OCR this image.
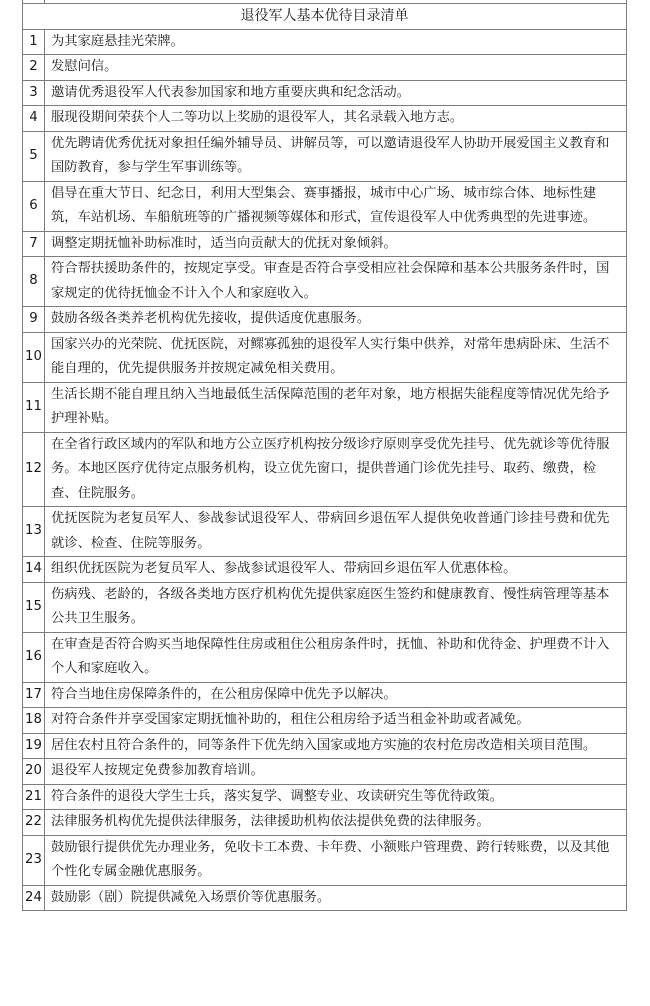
退役军人基本优待目录清单	
1	为其家庭悬挂光荣牌。
2	发慰问信。
3	邀请优秀退役军人代表参加国家和地方重要庆典和纪念活动。
4	服现役期间荣获个人二等功以上奖励的退役军人，其名录载入地方志。
5	优先聘请优秀优抚对象担任编外辅导员、讲解员等，可以邀请退役军人协助开展爱国主义教育和国防教育，参与学生军事训练等。
6	倡导在重大节日、纪念日，利用大型集会、赛事播报，城市中心广场、城市综合体、地标性建筑，车站机场、车船航班等的广播视频等媒体和形式，宣传退役军人中优秀典型的先进事迹。
7	调整定期抚恤补助标准时，适当向贡献大的优抚对象倾斜。
8	符合帮扶援助条件的，按规定享受。审查是否符合享受相应社会保障和基本公共服务条件时，国家规定的优待抚恤金不计入个人和家庭收入。
9	鼓励各级各类养老机构优先接收，提供适度优惠服务。
10	国家兴办的光荣院、优抚医院，对鳏寡孤独的退役军人实行集中供养，对常年患病卧床、生活不能自理的，优先提供服务并按规定减免相关费用。
11	生活长期不能自理且纳入当地最低生活保障范围的老年对象，地方根据失能程度等情况优先给予护理补贴。
12	在全省行政区域内的军队和地方公立医疗机构按分级诊疗原则享受优先挂号、优先就诊等优待服务。本地区医疗优待定点服务机构，设立优先窗口，提供普通门诊优先挂号、取药、缴费，检查、住院服务。
13	优抚医院为老复员军人、参战参试退役军人、带病回乡退伍军人提供免收普通门诊挂号费和优先就诊、检查、住院等服务。
14	组织优抚医院为老复员军人、参战参试退役军人、带病回乡退伍军人优惠体检。
15	伤病残、老龄的，各级各类地方医疗机构优先提供家庭医生签约和健康教育、慢性病管理等基本公共卫生服务。
16	在审查是否符合购买当地保障性住房或租住公租房条件时，抚恤、补助和优待金、护理费不计入个人和家庭收入。
17	符合当地住房保障条件的，在公租房保障中优先予以解决。
18	对符合条件并享受国家定期抚恤补助的，租住公租房给予适当租金补助或者减免。
19	居住农村且符合条件的，同等条件下优先纳入国家或地方实施的农村危房改造相关项目范围。
20	退役军人按规定免费参加教育培训。
21	符合条件的退役大学生士兵，落实复学、调整专业、攻读研究生等优待政策。
22	法律服务机构优先提供法律服务，法律援助机构依法提供免费的法律服务。
23	鼓励银行提供优先办理业务，免收卡工本费、卡年费、小额账户管理费、跨行转账费，以及其他个性化专属金融优惠服务。
24	鼓励影（剧）院提供减免入场票价等优惠服务。
